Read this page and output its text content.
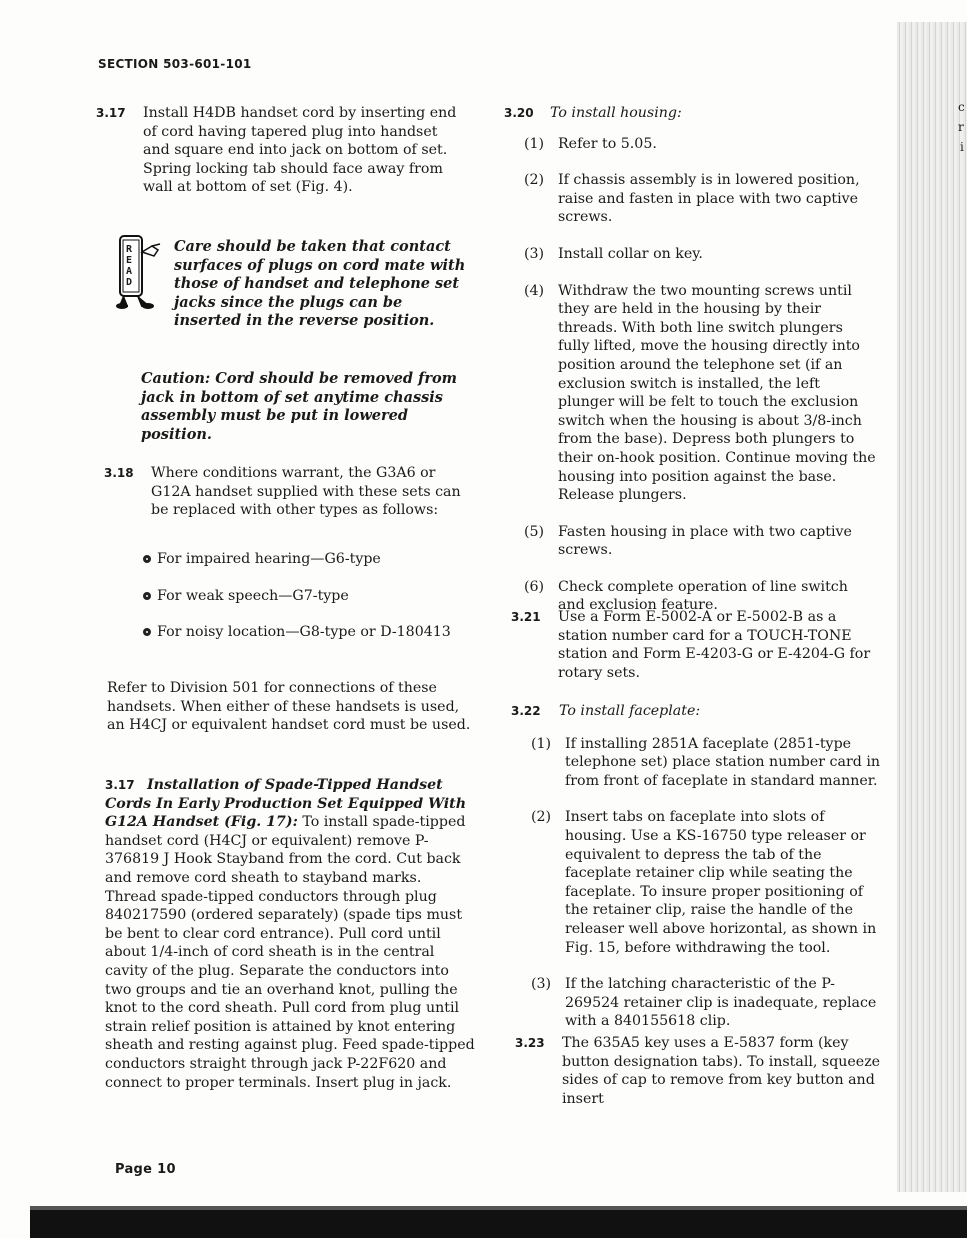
SECTION 503-601-101
3.17 Install H4DB handset cord by inserting end of cord having tapered plug into handset and square end into jack on bottom of set. Spring locking tab should face away from wall at bottom of set (Fig. 4).
READ
Care should be taken that contact surfaces of plugs on cord mate with those of handset and telephone set jacks since the plugs can be inserted in the reverse position.
Caution: Cord should be removed from jack in bottom of set anytime chassis assembly must be put in lowered position.
3.18 Where conditions warrant, the G3A6 or G12A handset supplied with these sets can be replaced with other types as follows:
For impaired hearing—G6-type
For weak speech—G7-type
For noisy location—G8-type or D-180413
Refer to Division 501 for connections of these handsets. When either of these handsets is used, an H4CJ or equivalent handset cord must be used.
3.17 Installation of Spade-Tipped Handset Cords In Early Production Set Equipped With G12A Handset (Fig. 17): To install spade-tipped handset cord (H4CJ or equivalent) remove P-376819 J Hook Stayband from the cord. Cut back and remove cord sheath to stayband marks. Thread spade-tipped conductors through plug 840217590 (ordered separately) (spade tips must be bent to clear cord entrance). Pull cord until about 1/4-inch of cord sheath is in the central cavity of the plug. Separate the conductors into two groups and tie an overhand knot, pulling the knot to the cord sheath. Pull cord from plug until strain relief position is attained by knot entering sheath and resting against plug. Feed spade-tipped conductors straight through jack P-22F620 and connect to proper terminals. Insert plug in jack.
3.20 To install housing:
(1) Refer to 5.05.
(2) If chassis assembly is in lowered position, raise and fasten in place with two captive screws.
(3) Install collar on key.
(4) Withdraw the two mounting screws until they are held in the housing by their threads. With both line switch plungers fully lifted, move the housing directly into position around the telephone set (if an exclusion switch is installed, the left plunger will be felt to touch the exclusion switch when the housing is about 3/8-inch from the base). Depress both plungers to their on-hook position. Continue moving the housing into position against the base. Release plungers.
(5) Fasten housing in place with two captive screws.
(6) Check complete operation of line switch and exclusion feature.
3.21 Use a Form E-5002-A or E-5002-B as a station number card for a TOUCH-TONE station and Form E-4203-G or E-4204-G for rotary sets.
3.22 To install faceplate:
(1) If installing 2851A faceplate (2851-type telephone set) place station number card in from front of faceplate in standard manner.
(2) Insert tabs on faceplate into slots of housing. Use a KS-16750 type releaser or equivalent to depress the tab of the faceplate retainer clip while seating the faceplate. To insure proper positioning of the retainer clip, raise the handle of the releaser well above horizontal, as shown in Fig. 15, before withdrawing the tool.
(3) If the latching characteristic of the P-269524 retainer clip is inadequate, replace with a 840155618 clip.
3.23 The 635A5 key uses a E-5837 form (key button designation tabs). To install, squeeze sides of cap to remove from key button and insert
c
r
i
Page 10
